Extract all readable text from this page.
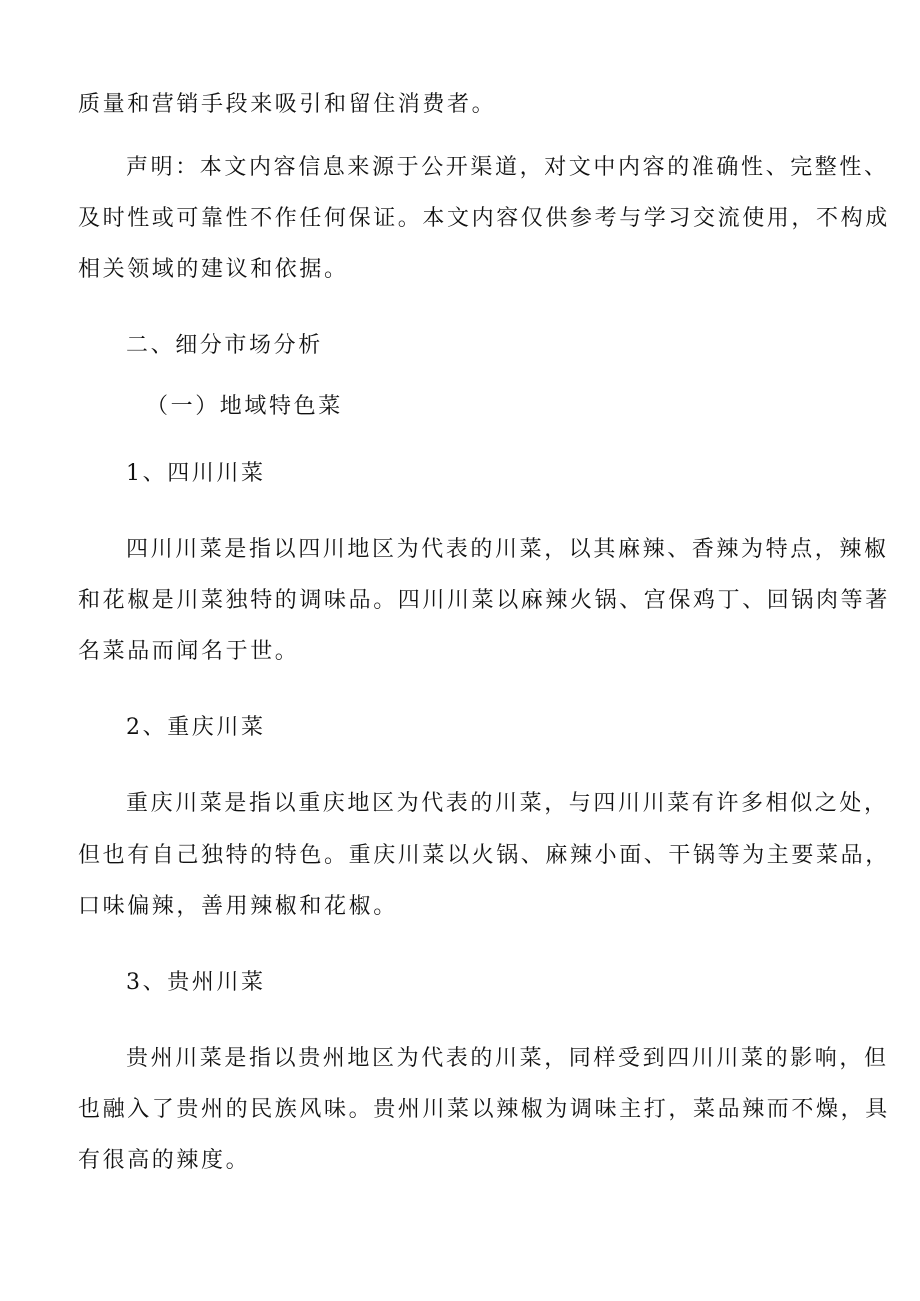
质量和营销手段来吸引和留住消费者。
声明：本文内容信息来源于公开渠道，对文中内容的准确性、完整性、
及时性或可靠性不作任何保证。本文内容仅供参考与学习交流使用，不构成
相关领域的建议和依据。
二、细分市场分析
（一）地域特色菜
1、四川川菜
四川川菜是指以四川地区为代表的川菜，以其麻辣、香辣为特点，辣椒
和花椒是川菜独特的调味品。四川川菜以麻辣火锅、宫保鸡丁、回锅肉等著
名菜品而闻名于世。
2、重庆川菜
重庆川菜是指以重庆地区为代表的川菜，与四川川菜有许多相似之处，
但也有自己独特的特色。重庆川菜以火锅、麻辣小面、干锅等为主要菜品，
口味偏辣，善用辣椒和花椒。
3、贵州川菜
贵州川菜是指以贵州地区为代表的川菜，同样受到四川川菜的影响，但
也融入了贵州的民族风味。贵州川菜以辣椒为调味主打，菜品辣而不燥，具
有很高的辣度。
